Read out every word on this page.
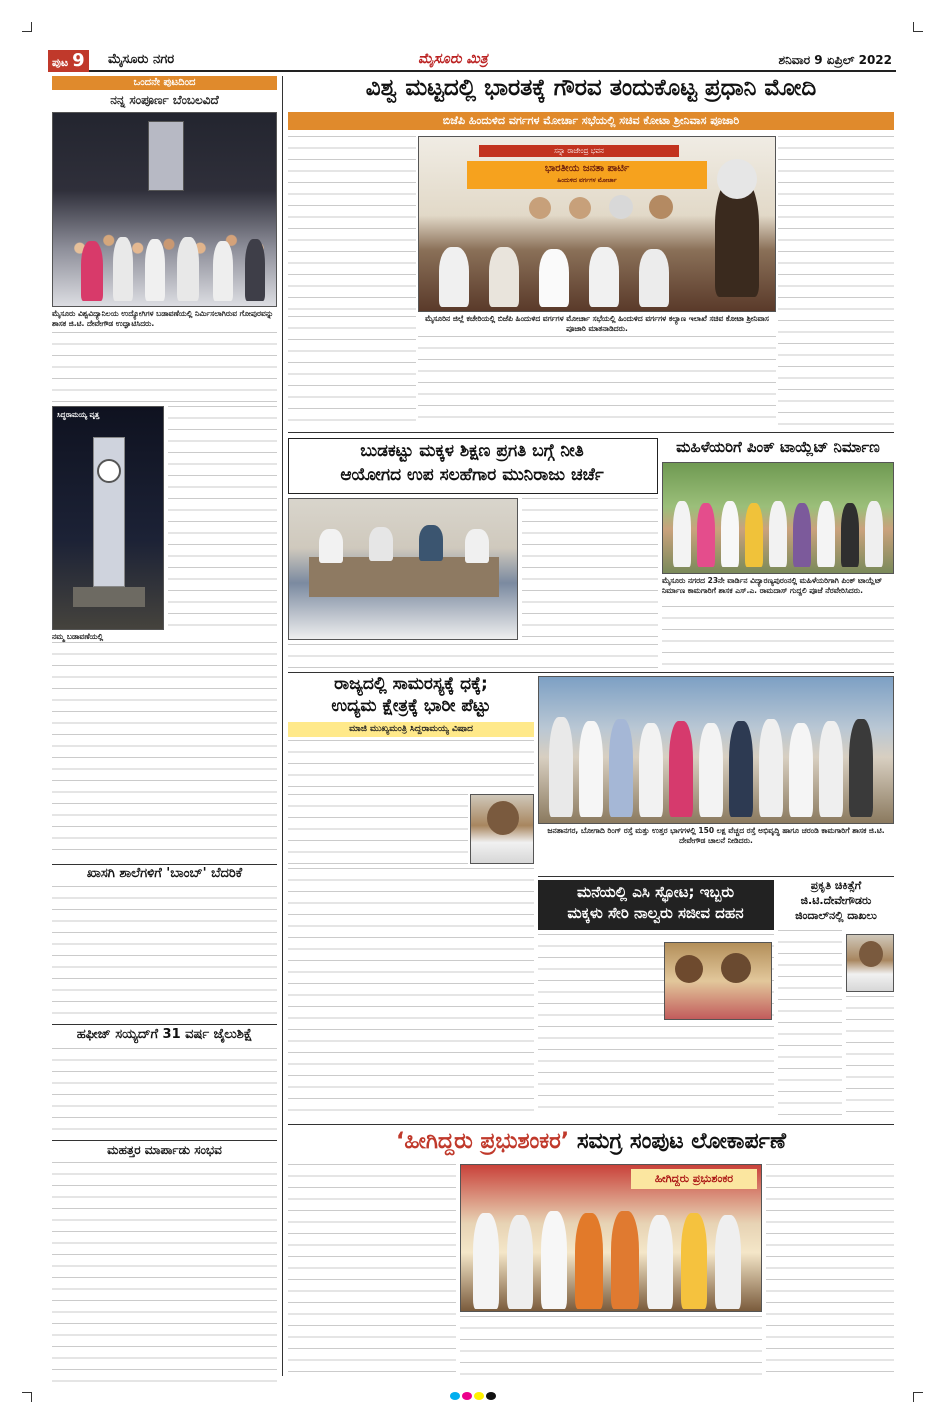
ಪುಟ 9	ಮೈಸೂರು ನಗರ	ಮೈಸೂರು ಮಿತ್ರ	ಶನಿವಾರ 9 ಏಪ್ರಿಲ್ 2022
ಒಂದನೇ ಪುಟದಿಂದ
ನನ್ನ ಸಂಪೂರ್ಣ ಬೆಂಬಲವಿದೆ
ಮೈಸೂರು ವಿಶ್ವವಿದ್ಯಾನಿಲಯ ಉದ್ಯೋಗಿಗಳ ಬಡಾವಣೆಯಲ್ಲಿ ನಿರ್ಮಿಸಲಾಗಿರುವ ಗೋಪುರವನ್ನು ಶಾಸಕ ಜಿ.ಟಿ. ದೇವೇಗೌಡ ಉದ್ಘಾಟಿಸಿದರು.
ಸಿದ್ಧರಾಮಯ್ಯ ವೃತ್ತ
ನಮ್ಮ ಬಡಾವಣೆಯಲ್ಲಿ
ಖಾಸಗಿ ಶಾಲೆಗಳಿಗೆ 'ಬಾಂಬ್' ಬೆದರಿಕೆ
ಹಫೀಜ್ ಸಯ್ಯದ್‌ಗೆ 31 ವರ್ಷ ಜೈಲುಶಿಕ್ಷೆ
ಮಹತ್ತರ ಮಾರ್ಪಾಡು ಸಂಭವ
ವಿಶ್ವ ಮಟ್ಟದಲ್ಲಿ ಭಾರತಕ್ಕೆ ಗೌರವ ತಂದುಕೊಟ್ಟ ಪ್ರಧಾನಿ ಮೋದಿ
ಬಿಜೆಪಿ ಹಿಂದುಳಿದ ವರ್ಗಗಳ ಮೋರ್ಚಾ ಸಭೆಯಲ್ಲಿ ಸಚಿವ ಕೋಟಾ ಶ್ರೀನಿವಾಸ ಪೂಜಾರಿ
ಸನ್ನಾ ರಾಜೇಂದ್ರ ಭವನ
ಭಾರತೀಯ ಜನತಾ ಪಾರ್ಟಿ
ಹಿಂದುಳಿದ ವರ್ಗಗಳ ಮೋರ್ಚಾ
ಮೈಸೂರಿನ ಜಿಲ್ಲೆ ಕಚೇರಿಯಲ್ಲಿ ಬಿಜೆಪಿ ಹಿಂದುಳಿದ ವರ್ಗಗಳ ಮೋರ್ಚಾ ಸಭೆಯಲ್ಲಿ ಹಿಂದುಳಿದ ವರ್ಗಗಳ ಕಲ್ಯಾಣ ಇಲಾಖೆ ಸಚಿವ ಕೋಟಾ ಶ್ರೀನಿವಾಸ ಪೂಜಾರಿ ಮಾತನಾಡಿದರು.
ಬುಡಕಟ್ಟು ಮಕ್ಕಳ ಶಿಕ್ಷಣ ಪ್ರಗತಿ ಬಗ್ಗೆ ನೀತಿ
ಆಯೋಗದ ಉಪ ಸಲಹೆಗಾರ ಮುನಿರಾಜು ಚರ್ಚೆ
ಮಹಿಳೆಯರಿಗೆ ಪಿಂಕ್ ಟಾಯ್ಲೆಟ್ ನಿರ್ಮಾಣ
ಮೈಸೂರು ನಗರದ 23ನೇ ವಾರ್ಡಿನ ವಿದ್ಯಾರಣ್ಯಪುರಂನಲ್ಲಿ ಮಹಿಳೆಯರಿಗಾಗಿ ಪಿಂಕ್ ಟಾಯ್ಲೆಟ್ ನಿರ್ಮಾಣ ಕಾಮಗಾರಿಗೆ ಶಾಸಕ ಎಸ್.ಎ. ರಾಮದಾಸ್ ಗುದ್ದಲಿ ಪೂಜೆ ನೆರವೇರಿಸಿದರು.
ರಾಜ್ಯದಲ್ಲಿ ಸಾಮರಸ್ಯಕ್ಕೆ ಧಕ್ಕೆ;
ಉದ್ಯಮ ಕ್ಷೇತ್ರಕ್ಕೆ ಭಾರೀ ಪೆಟ್ಟು
ಮಾಜಿ ಮುಖ್ಯಮಂತ್ರಿ ಸಿದ್ದರಾಮಯ್ಯ ವಿಷಾದ
ಜನತಾನಗರ, ಬೋಗಾದಿ ರಿಂಗ್ ರಸ್ತೆ ಮತ್ತು ಉತ್ತರ ಭಾಗಗಳಲ್ಲಿ 150 ಲಕ್ಷ ವೆಚ್ಚದ ರಸ್ತೆ ಅಭಿವೃದ್ಧಿ ಹಾಗೂ ಚರಂಡಿ ಕಾಮಗಾರಿಗೆ ಶಾಸಕ ಜಿ.ಟಿ. ದೇವೇಗೌಡ ಚಾಲನೆ ನೀಡಿದರು.
ಮನೆಯಲ್ಲಿ ಎಸಿ ಸ್ಫೋಟ; ಇಬ್ಬರು
ಮಕ್ಕಳು ಸೇರಿ ನಾಲ್ವರು ಸಜೀವ ದಹನ
ಪ್ರಕೃತಿ ಚಿಕಿತ್ಸೆಗೆ
ಜಿ.ಟಿ.ದೇವೇಗೌಡರು
ಜಿಂದಾಲ್‌ನಲ್ಲಿ ದಾಖಲು
‘ಹೀಗಿದ್ದರು ಪ್ರಭುಶಂಕರ’ ಸಮಗ್ರ ಸಂಪುಟ ಲೋಕಾರ್ಪಣೆ
ಹೀಗಿದ್ದರು ಪ್ರಭುಶಂಕರ
